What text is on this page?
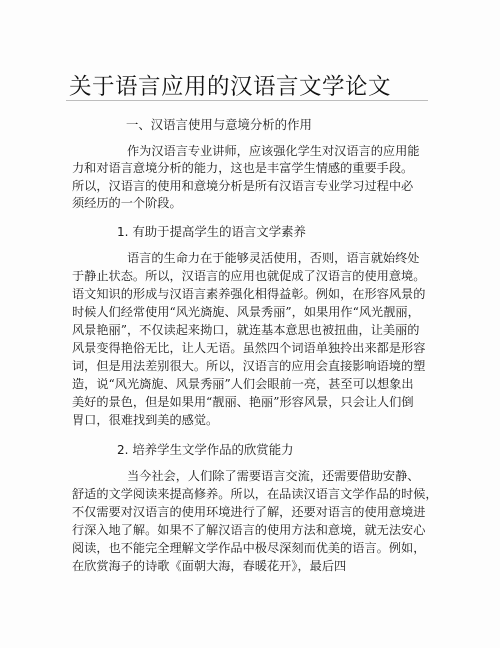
关于语言应用的汉语言文学论文
一、汉语言使用与意境分析的作用
作为汉语言专业讲师，应该强化学生对汉语言的应用能
力和对语言意境分析的能力，这也是丰富学生情感的重要手段。
所以，汉语言的使用和意境分析是所有汉语言专业学习过程中必
须经历的一个阶段。
1. 有助于提高学生的语言文学素养
语言的生命力在于能够灵活使用，否则，语言就始终处
于静止状态。所以，汉语言的应用也就促成了汉语言的使用意境。
语文知识的形成与汉语言素养强化相得益彰。例如，在形容风景的
时候人们经常使用“风光旖旎、风景秀丽”，如果用作“风光靓丽，
风景艳丽”，不仅读起来拗口，就连基本意思也被扭曲，让美丽的
风景变得艳俗无比，让人无语。虽然四个词语单独拎出来都是形容
词，但是用法差别很大。所以，汉语言的应用会直接影响语境的塑
造，说“风光旖旎、风景秀丽”人们会眼前一亮，甚至可以想象出
美好的景色，但是如果用“靓丽、艳丽”形容风景，只会让人们倒
胃口，很难找到美的感觉。
2. 培养学生文学作品的欣赏能力
当今社会，人们除了需要语言交流，还需要借助安静、
舒适的文学阅读来提高修养。所以，在品读汉语言文学作品的时候，
不仅需要对汉语言的使用环境进行了解，还要对语言的使用意境进
行深入地了解。如果不了解汉语言的使用方法和意境，就无法安心
阅读，也不能完全理解文学作品中极尽深刻而优美的语言。例如，
在欣赏海子的诗歌《面朝大海，春暖花开》，最后四
